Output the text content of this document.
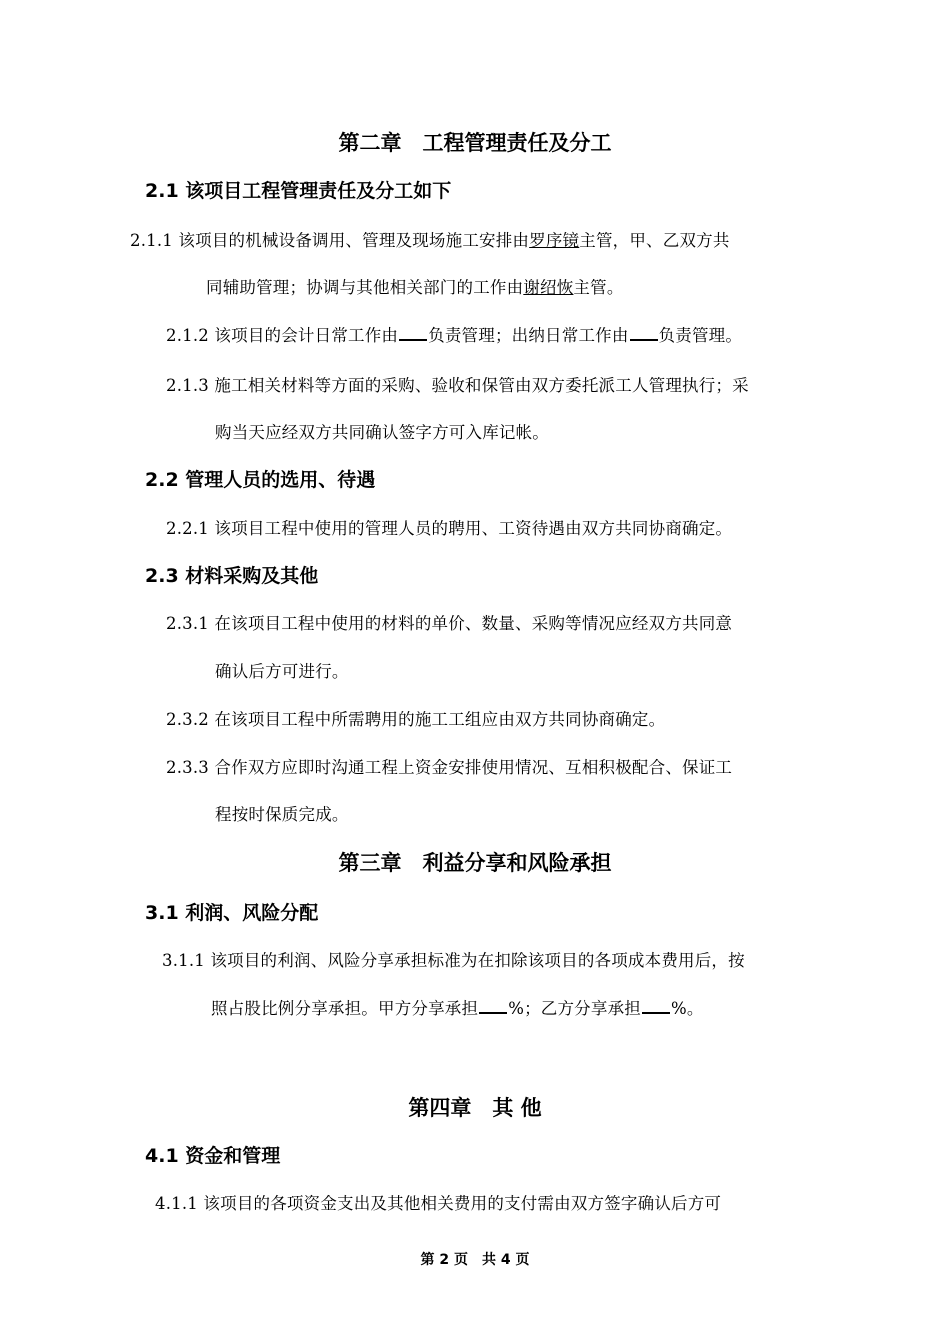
第二章　工程管理责任及分工
2.1 该项目工程管理责任及分工如下
2.1.1 该项目的机械设备调用、管理及现场施工安排由罗序镜主管，甲、乙双方共
同辅助管理；协调与其他相关部门的工作由谢绍恢主管。
2.1.2 该项目的会计日常工作由 负责管理；出纳日常工作由 负责管理。
2.1.3 施工相关材料等方面的采购、验收和保管由双方委托派工人管理执行；采
购当天应经双方共同确认签字方可入库记帐。
2.2 管理人员的选用、待遇
2.2.1 该项目工程中使用的管理人员的聘用、工资待遇由双方共同协商确定。
2.3 材料采购及其他
2.3.1 在该项目工程中使用的材料的单价、数量、采购等情况应经双方共同意
确认后方可进行。
2.3.2 在该项目工程中所需聘用的施工工组应由双方共同协商确定。
2.3.3 合作双方应即时沟通工程上资金安排使用情况、互相积极配合、保证工
程按时保质完成。
第三章　利益分享和风险承担
3.1 利润、风险分配
3.1.1 该项目的利润、风险分享承担标准为在扣除该项目的各项成本费用后，按
照占股比例分享承担。甲方分享承担 %；乙方分享承担 %。
第四章　其 他
4.1 资金和管理
4.1.1 该项目的各项资金支出及其他相关费用的支付需由双方签字确认后方可
第 2 页　共 4 页
